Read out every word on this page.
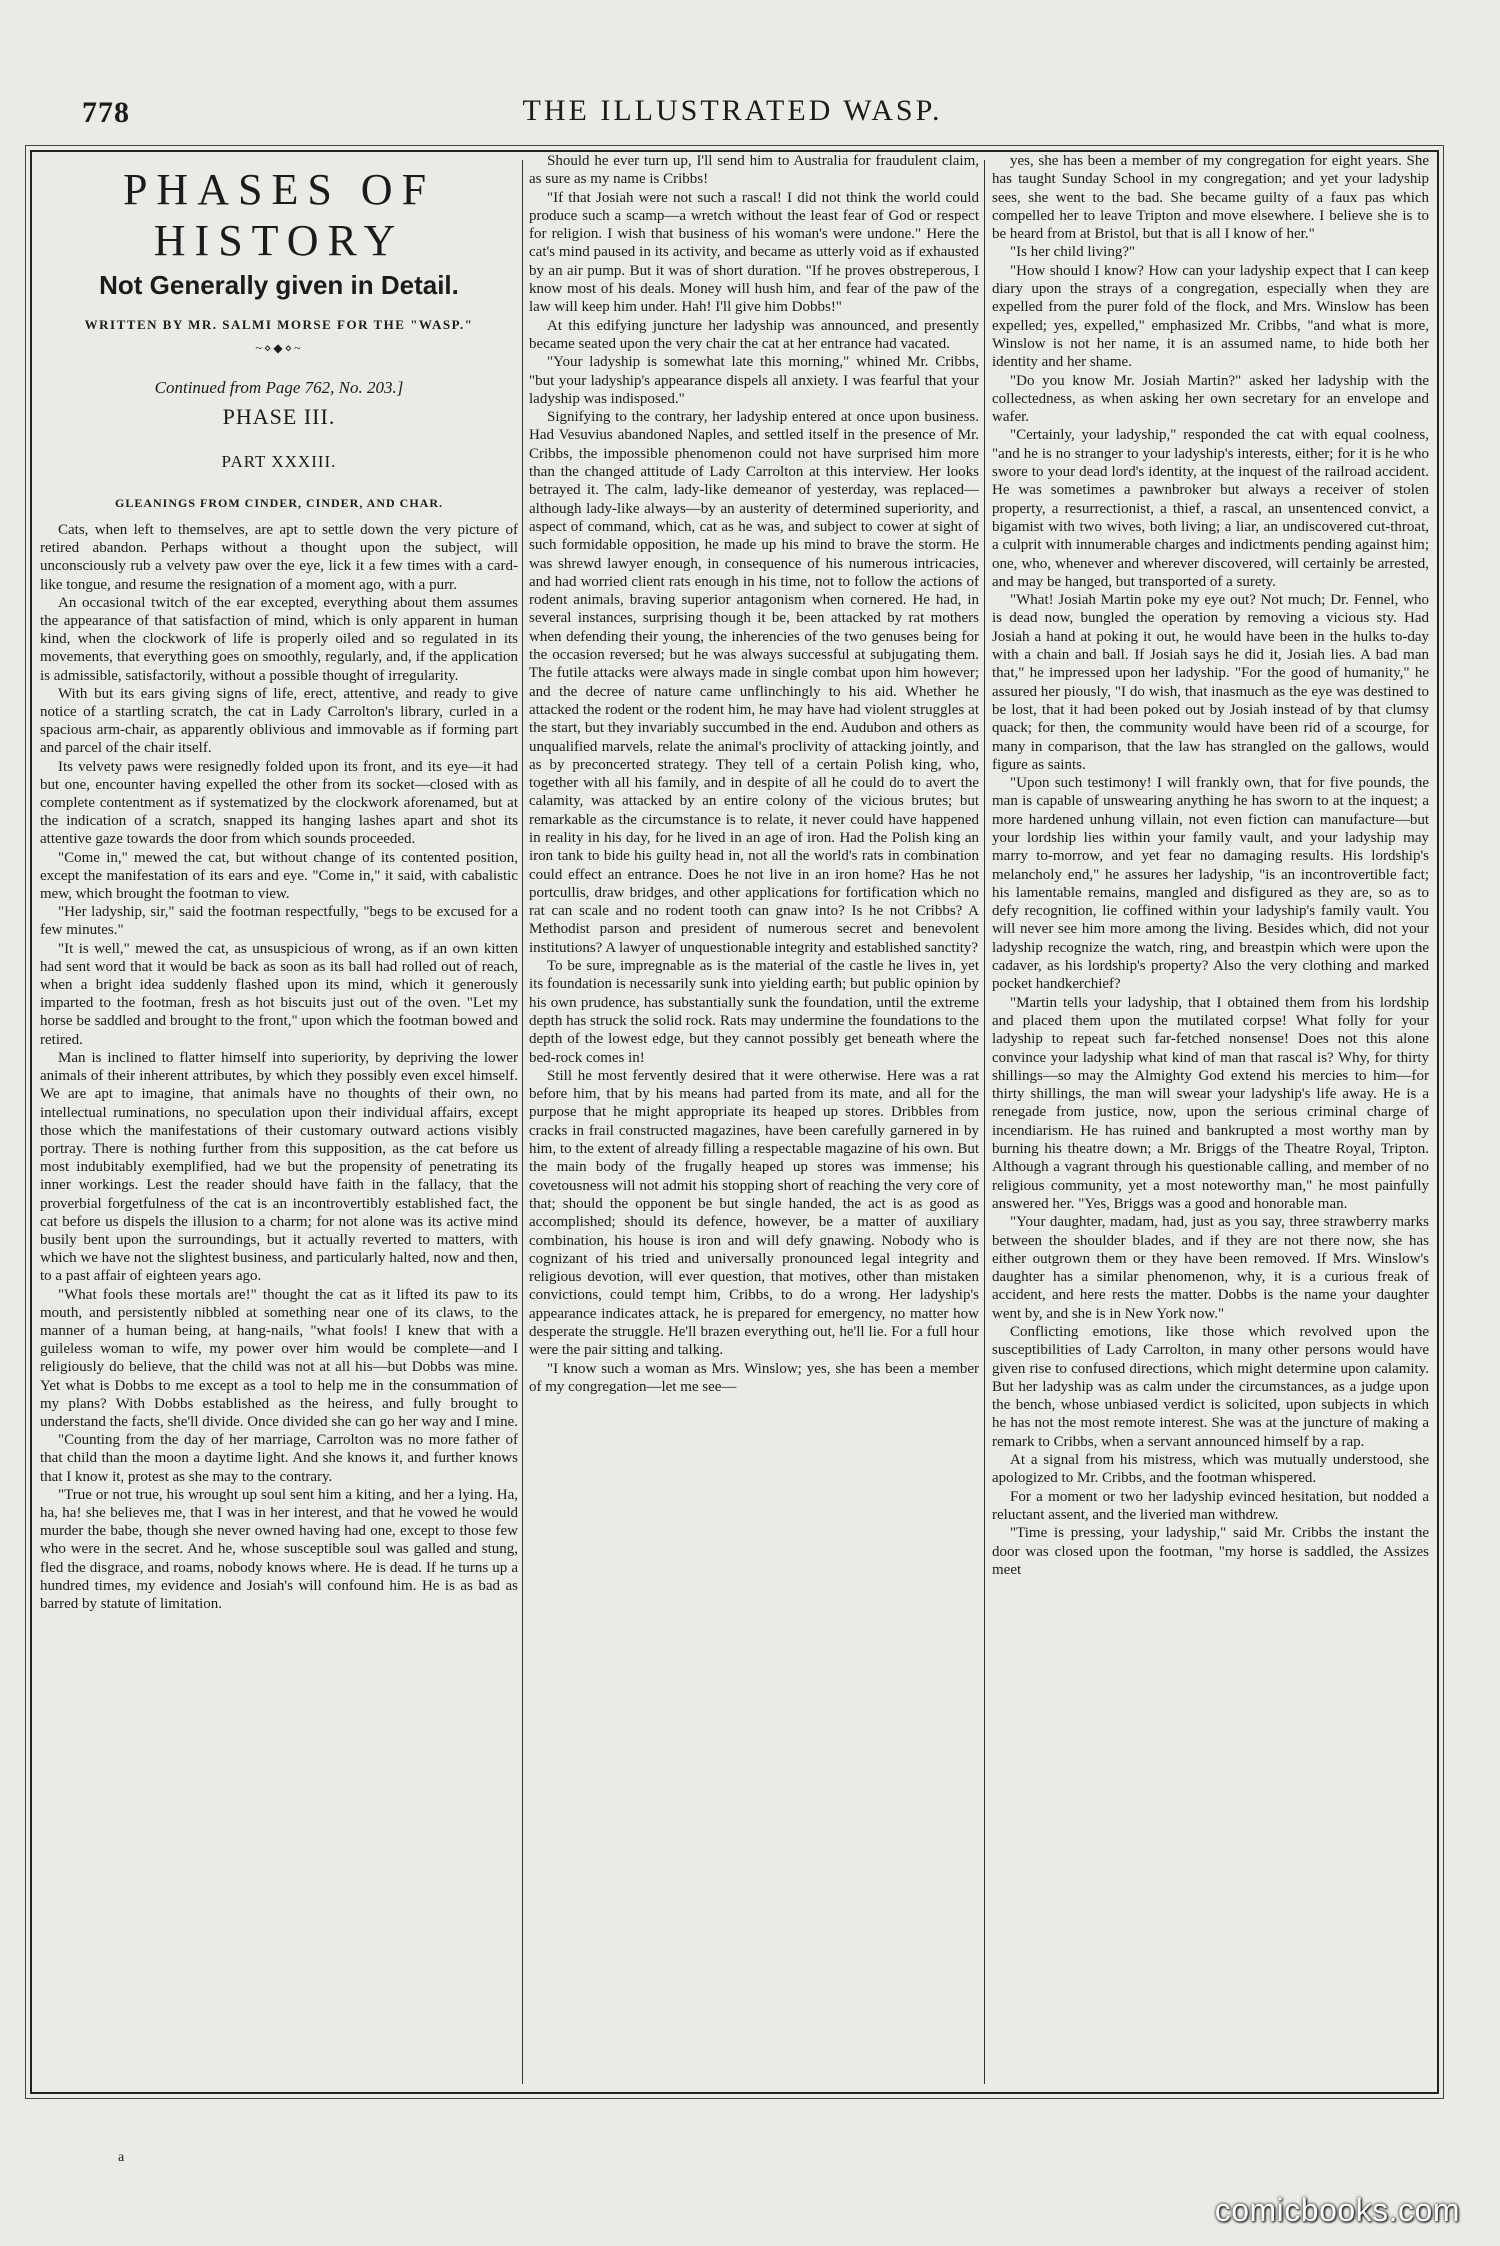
778	THE ILLUSTRATED WASP.
PHASES OF HISTORY
Not Generally given in Detail.
WRITTEN BY MR. SALMI MORSE FOR THE "WASP."
~⋄◆⋄~
Continued from Page 762, No. 203.]
PHASE III.
PART XXXIII.
GLEANINGS FROM CINDER, CINDER, AND CHAR.

Cats, when left to themselves, are apt to settle down the very picture of retired abandon. Perhaps without a thought upon the subject, will unconsciously rub a velvety paw over the eye, lick it a few times with a card-like tongue, and resume the resignation of a moment ago, with a purr.

An occasional twitch of the ear excepted, everything about them assumes the appearance of that satisfaction of mind, which is only apparent in human kind, when the clockwork of life is properly oiled and so regulated in its movements, that everything goes on smoothly, regularly, and, if the application is admissible, satisfactorily, without a possible thought of irregularity.

With but its ears giving signs of life, erect, attentive, and ready to give notice of a startling scratch, the cat in Lady Carrolton's library, curled in a spacious arm-chair, as apparently oblivious and immovable as if forming part and parcel of the chair itself.

Its velvety paws were resignedly folded upon its front, and its eye—it had but one, encounter having expelled the other from its socket—closed with as complete contentment as if systematized by the clockwork aforenamed, but at the indication of a scratch, snapped its hanging lashes apart and shot its attentive gaze towards the door from which sounds proceeded.

"Come in," mewed the cat, but without change of its contented position, except the manifestation of its ears and eye. "Come in," it said, with cabalistic mew, which brought the footman to view.

"Her ladyship, sir," said the footman respectfully, "begs to be excused for a few minutes."

"It is well," mewed the cat, as unsuspicious of wrong, as if an own kitten had sent word that it would be back as soon as its ball had rolled out of reach, when a bright idea suddenly flashed upon its mind, which it generously imparted to the footman, fresh as hot biscuits just out of the oven. "Let my horse be saddled and brought to the front," upon which the footman bowed and retired.

Man is inclined to flatter himself into superiority, by depriving the lower animals of their inherent attributes, by which they possibly even excel himself. We are apt to imagine, that animals have no thoughts of their own, no intellectual ruminations, no speculation upon their individual affairs, except those which the manifestations of their customary outward actions visibly portray. There is nothing further from this supposition, as the cat before us most indubitably exemplified, had we but the propensity of penetrating its inner workings. Lest the reader should have faith in the fallacy, that the proverbial forgetfulness of the cat is an incontrovertibly established fact, the cat before us dispels the illusion to a charm; for not alone was its active mind busily bent upon the surroundings, but it actually reverted to matters, with which we have not the slightest business, and particularly halted, now and then, to a past affair of eighteen years ago.

"What fools these mortals are!" thought the cat as it lifted its paw to its mouth, and persistently nibbled at something near one of its claws, to the manner of a human being, at hang-nails, "what fools! I knew that with a guileless woman to wife, my power over him would be complete—and I religiously do believe, that the child was not at all his—but Dobbs was mine. Yet what is Dobbs to me except as a tool to help me in the consummation of my plans? With Dobbs established as the heiress, and fully brought to understand the facts, she'll divide. Once divided she can go her way and I mine.

"Counting from the day of her marriage, Carrolton was no more father of that child than the moon a daytime light. And she knows it, and further knows that I know it, protest as she may to the contrary.

"True or not true, his wrought up soul sent him a kiting, and her a lying. Ha, ha, ha! she believes me, that I was in her interest, and that he vowed he would murder the babe, though she never owned having had one, except to those few who were in the secret. And he, whose susceptible soul was galled and stung, fled the disgrace, and roams, nobody knows where. He is dead. If he turns up a hundred times, my evidence and Josiah's will confound him. He is as bad as barred by statute of limitation.

Should he ever turn up, I'll send him to Australia for fraudulent claim, as sure as my name is Cribbs!

"If that Josiah were not such a rascal! I did not think the world could produce such a scamp—a wretch without the least fear of God or respect for religion. I wish that business of his woman's were undone." Here the cat's mind paused in its activity, and became as utterly void as if exhausted by an air pump. But it was of short duration. "If he proves obstreperous, I know most of his deals. Money will hush him, and fear of the paw of the law will keep him under. Hah! I'll give him Dobbs!"

At this edifying juncture her ladyship was announced, and presently became seated upon the very chair the cat at her entrance had vacated.

"Your ladyship is somewhat late this morning," whined Mr. Cribbs, "but your ladyship's appearance dispels all anxiety. I was fearful that your ladyship was indisposed."

Signifying to the contrary, her ladyship entered at once upon business. Had Vesuvius abandoned Naples, and settled itself in the presence of Mr. Cribbs, the impossible phenomenon could not have surprised him more than the changed attitude of Lady Carrolton at this interview. Her looks betrayed it. The calm, lady-like demeanor of yesterday, was replaced—although lady-like always—by an austerity of determined superiority, and aspect of command, which, cat as he was, and subject to cower at sight of such formidable opposition, he made up his mind to brave the storm. He was shrewd lawyer enough, in consequence of his numerous intricacies, and had worried client rats enough in his time, not to follow the actions of rodent animals, braving superior antagonism when cornered. He had, in several instances, surprising though it be, been attacked by rat mothers when defending their young, the inherencies of the two genuses being for the occasion reversed; but he was always successful at subjugating them. The futile attacks were always made in single combat upon him however; and the decree of nature came unflinchingly to his aid. Whether he attacked the rodent or the rodent him, he may have had violent struggles at the start, but they invariably succumbed in the end. Audubon and others as unqualified marvels, relate the animal's proclivity of attacking jointly, and as by preconcerted strategy. They tell of a certain Polish king, who, together with all his family, and in despite of all he could do to avert the calamity, was attacked by an entire colony of the vicious brutes; but remarkable as the circumstance is to relate, it never could have happened in reality in his day, for he lived in an age of iron. Had the Polish king an iron tank to bide his guilty head in, not all the world's rats in combination could effect an entrance. Does he not live in an iron home? Has he not portcullis, draw bridges, and other applications for fortification which no rat can scale and no rodent tooth can gnaw into? Is he not Cribbs? A Methodist parson and president of numerous secret and benevolent institutions? A lawyer of unquestionable integrity and established sanctity?

To be sure, impregnable as is the material of the castle he lives in, yet its foundation is necessarily sunk into yielding earth; but public opinion by his own prudence, has substantially sunk the foundation, until the extreme depth has struck the solid rock. Rats may undermine the foundations to the depth of the lowest edge, but they cannot possibly get beneath where the bed-rock comes in!

Still he most fervently desired that it were otherwise. Here was a rat before him, that by his means had parted from its mate, and all for the purpose that he might appropriate its heaped up stores. Dribbles from cracks in frail constructed magazines, have been carefully garnered in by him, to the extent of already filling a respectable magazine of his own. But the main body of the frugally heaped up stores was immense; his covetousness will not admit his stopping short of reaching the very core of that; should the opponent be but single handed, the act is as good as accomplished; should its defence, however, be a matter of auxiliary combination, his house is iron and will defy gnawing. Nobody who is cognizant of his tried and universally pronounced legal integrity and religious devotion, will ever question, that motives, other than mistaken convictions, could tempt him, Cribbs, to do a wrong. Her ladyship's appearance indicates attack, he is prepared for emergency, no matter how desperate the struggle. He'll brazen everything out, he'll lie. For a full hour were the pair sitting and talking.

"I know such a woman as Mrs. Winslow; yes, she has been a member of my congregation—let me see—

yes, she has been a member of my congregation for eight years. She has taught Sunday School in my congregation; and yet your ladyship sees, she went to the bad. She became guilty of a faux pas which compelled her to leave Tripton and move elsewhere. I believe she is to be heard from at Bristol, but that is all I know of her."

"Is her child living?"

"How should I know? How can your ladyship expect that I can keep diary upon the strays of a congregation, especially when they are expelled from the purer fold of the flock, and Mrs. Winslow has been expelled; yes, expelled," emphasized Mr. Cribbs, "and what is more, Winslow is not her name, it is an assumed name, to hide both her identity and her shame.

"Do you know Mr. Josiah Martin?" asked her ladyship with the collectedness, as when asking her own secretary for an envelope and wafer.

"Certainly, your ladyship," responded the cat with equal coolness, "and he is no stranger to your ladyship's interests, either; for it is he who swore to your dead lord's identity, at the inquest of the railroad accident. He was sometimes a pawnbroker but always a receiver of stolen property, a resurrectionist, a thief, a rascal, an unsentenced convict, a bigamist with two wives, both living; a liar, an undiscovered cut-throat, a culprit with innumerable charges and indictments pending against him; one, who, whenever and wherever discovered, will certainly be arrested, and may be hanged, but transported of a surety.

"What! Josiah Martin poke my eye out? Not much; Dr. Fennel, who is dead now, bungled the operation by removing a vicious sty. Had Josiah a hand at poking it out, he would have been in the hulks to-day with a chain and ball. If Josiah says he did it, Josiah lies. A bad man that," he impressed upon her ladyship. "For the good of humanity," he assured her piously, "I do wish, that inasmuch as the eye was destined to be lost, that it had been poked out by Josiah instead of by that clumsy quack; for then, the community would have been rid of a scourge, for many in comparison, that the law has strangled on the gallows, would figure as saints.

"Upon such testimony! I will frankly own, that for five pounds, the man is capable of unswearing anything he has sworn to at the inquest; a more hardened unhung villain, not even fiction can manufacture—but your lordship lies within your family vault, and your ladyship may marry to-morrow, and yet fear no damaging results. His lordship's melancholy end," he assures her ladyship, "is an incontrovertible fact; his lamentable remains, mangled and disfigured as they are, so as to defy recognition, lie coffined within your ladyship's family vault. You will never see him more among the living. Besides which, did not your ladyship recognize the watch, ring, and breastpin which were upon the cadaver, as his lordship's property? Also the very clothing and marked pocket handkerchief?

"Martin tells your ladyship, that I obtained them from his lordship and placed them upon the mutilated corpse! What folly for your ladyship to repeat such far-fetched nonsense! Does not this alone convince your ladyship what kind of man that rascal is? Why, for thirty shillings—so may the Almighty God extend his mercies to him—for thirty shillings, the man will swear your ladyship's life away. He is a renegade from justice, now, upon the serious criminal charge of incendiarism. He has ruined and bankrupted a most worthy man by burning his theatre down; a Mr. Briggs of the Theatre Royal, Tripton. Although a vagrant through his questionable calling, and member of no religious community, yet a most noteworthy man," he most painfully answered her. "Yes, Briggs was a good and honorable man.

"Your daughter, madam, had, just as you say, three strawberry marks between the shoulder blades, and if they are not there now, she has either outgrown them or they have been removed. If Mrs. Winslow's daughter has a similar phenomenon, why, it is a curious freak of accident, and here rests the matter. Dobbs is the name your daughter went by, and she is in New York now."

Conflicting emotions, like those which revolved upon the susceptibilities of Lady Carrolton, in many other persons would have given rise to confused directions, which might determine upon calamity. But her ladyship was as calm under the circumstances, as a judge upon the bench, whose unbiased verdict is solicited, upon subjects in which he has not the most remote interest. She was at the juncture of making a remark to Cribbs, when a servant announced himself by a rap.

At a signal from his mistress, which was mutually understood, she apologized to Mr. Cribbs, and the footman whispered.

For a moment or two her ladyship evinced hesitation, but nodded a reluctant assent, and the liveried man withdrew.

"Time is pressing, your ladyship," said Mr. Cribbs the instant the door was closed upon the footman, "my horse is saddled, the Assizes meet

a
comicbooks.com
